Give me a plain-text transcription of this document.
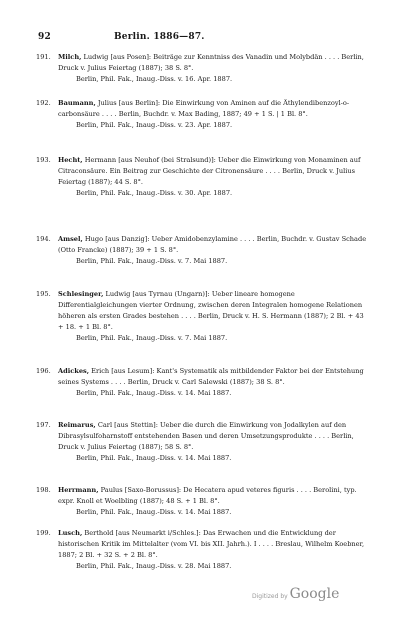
92	Berlin. 1886—87.
191. Milch, Ludwig [aus Posen]: Beiträge zur Kenntniss des Vanadin und Molybdän . . . . Berlin, Druck v. Julius Feiertag (1887); 38 S. 8°.
Berlin, Phil. Fak., Inaug.-Diss. v. 16. Apr. 1887.
192. Baumann, Julius [aus Berlin]: Die Einwirkung von Aminen auf die Äthylendibenzoyl-o-carbonsäure . . . . Berlin, Buchdr. v. Max Bading, 1887; 49 + 1 S. | 1 Bl. 8°.
Berlin, Phil. Fak., Inaug.-Diss. v. 23. Apr. 1887.
193. Hecht, Hermann [aus Neuhof (bei Stralsund)]: Ueber die Einwirkung von Monaminen auf Citraconsäure. Ein Beitrag zur Geschichte der Citronensäure . . . . Berlin, Druck v. Julius Feiertag (1887); 44 S. 8°.
Berlin, Phil. Fak., Inaug.-Diss. v. 30. Apr. 1887.
194. Amsel, Hugo [aus Danzig]: Ueber Amidobenzylamine . . . . Berlin, Buchdr. v. Gustav Schade (Otto Francke) (1887); 39 + 1 S. 8°.
Berlin, Phil. Fak., Inaug.-Diss. v. 7. Mai 1887.
195. Schlesinger, Ludwig [aus Tyrnau (Ungarn)]: Ueber lineare homogene Differentialgleichungen vierter Ordnung, zwischen deren Integralen homogene Relationen höheren als ersten Grades bestehen . . . . Berlin, Druck v. H. S. Hermann (1887); 2 Bl. + 43 + 18. + 1 Bl. 8°.
Berlin, Phil. Fak., Inaug.-Diss. v. 7. Mai 1887.
196. Adickes, Erich [aus Lesum]: Kant's Systematik als mitbildender Faktor bei der Entstehung seines Systems . . . . Berlin, Druck v. Carl Salewski (1887); 38 S. 8°.
Berlin, Phil. Fak., Inaug.-Diss. v. 14. Mai 1887.
197. Reimarus, Carl [aus Stettin]: Ueber die durch die Einwirkung von Jodalkylen auf den Dibrasylsulfoharnstoff entstehenden Basen und deren Umsetzungsprodukte . . . . Berlin, Druck v. Julius Feiertag (1887); 58 S. 8°.
Berlin, Phil. Fak., Inaug.-Diss. v. 14. Mai 1887.
198. Herrmann, Paulus [Saxo-Borussus]: De Hecatera apud veteres figuris . . . . Berolini, typ. expr. Knoll et Woelbling (1887); 48 S. + 1 Bl. 8°.
Berlin, Phil. Fak., Inaug.-Diss. v. 14. Mai 1887.
199. Lusch, Berthold [aus Neumarkt i/Schles.]: Das Erwachen und die Entwicklung der historischen Kritik im Mittelalter (vom VI. bis XII. Jahrh.). I . . . . Breslau, Wilhelm Koebner, 1887; 2 Bl. + 32 S. + 2 Bl. 8°.
Berlin, Phil. Fak., Inaug.-Diss. v. 28. Mai 1887.
Digitized by Google
